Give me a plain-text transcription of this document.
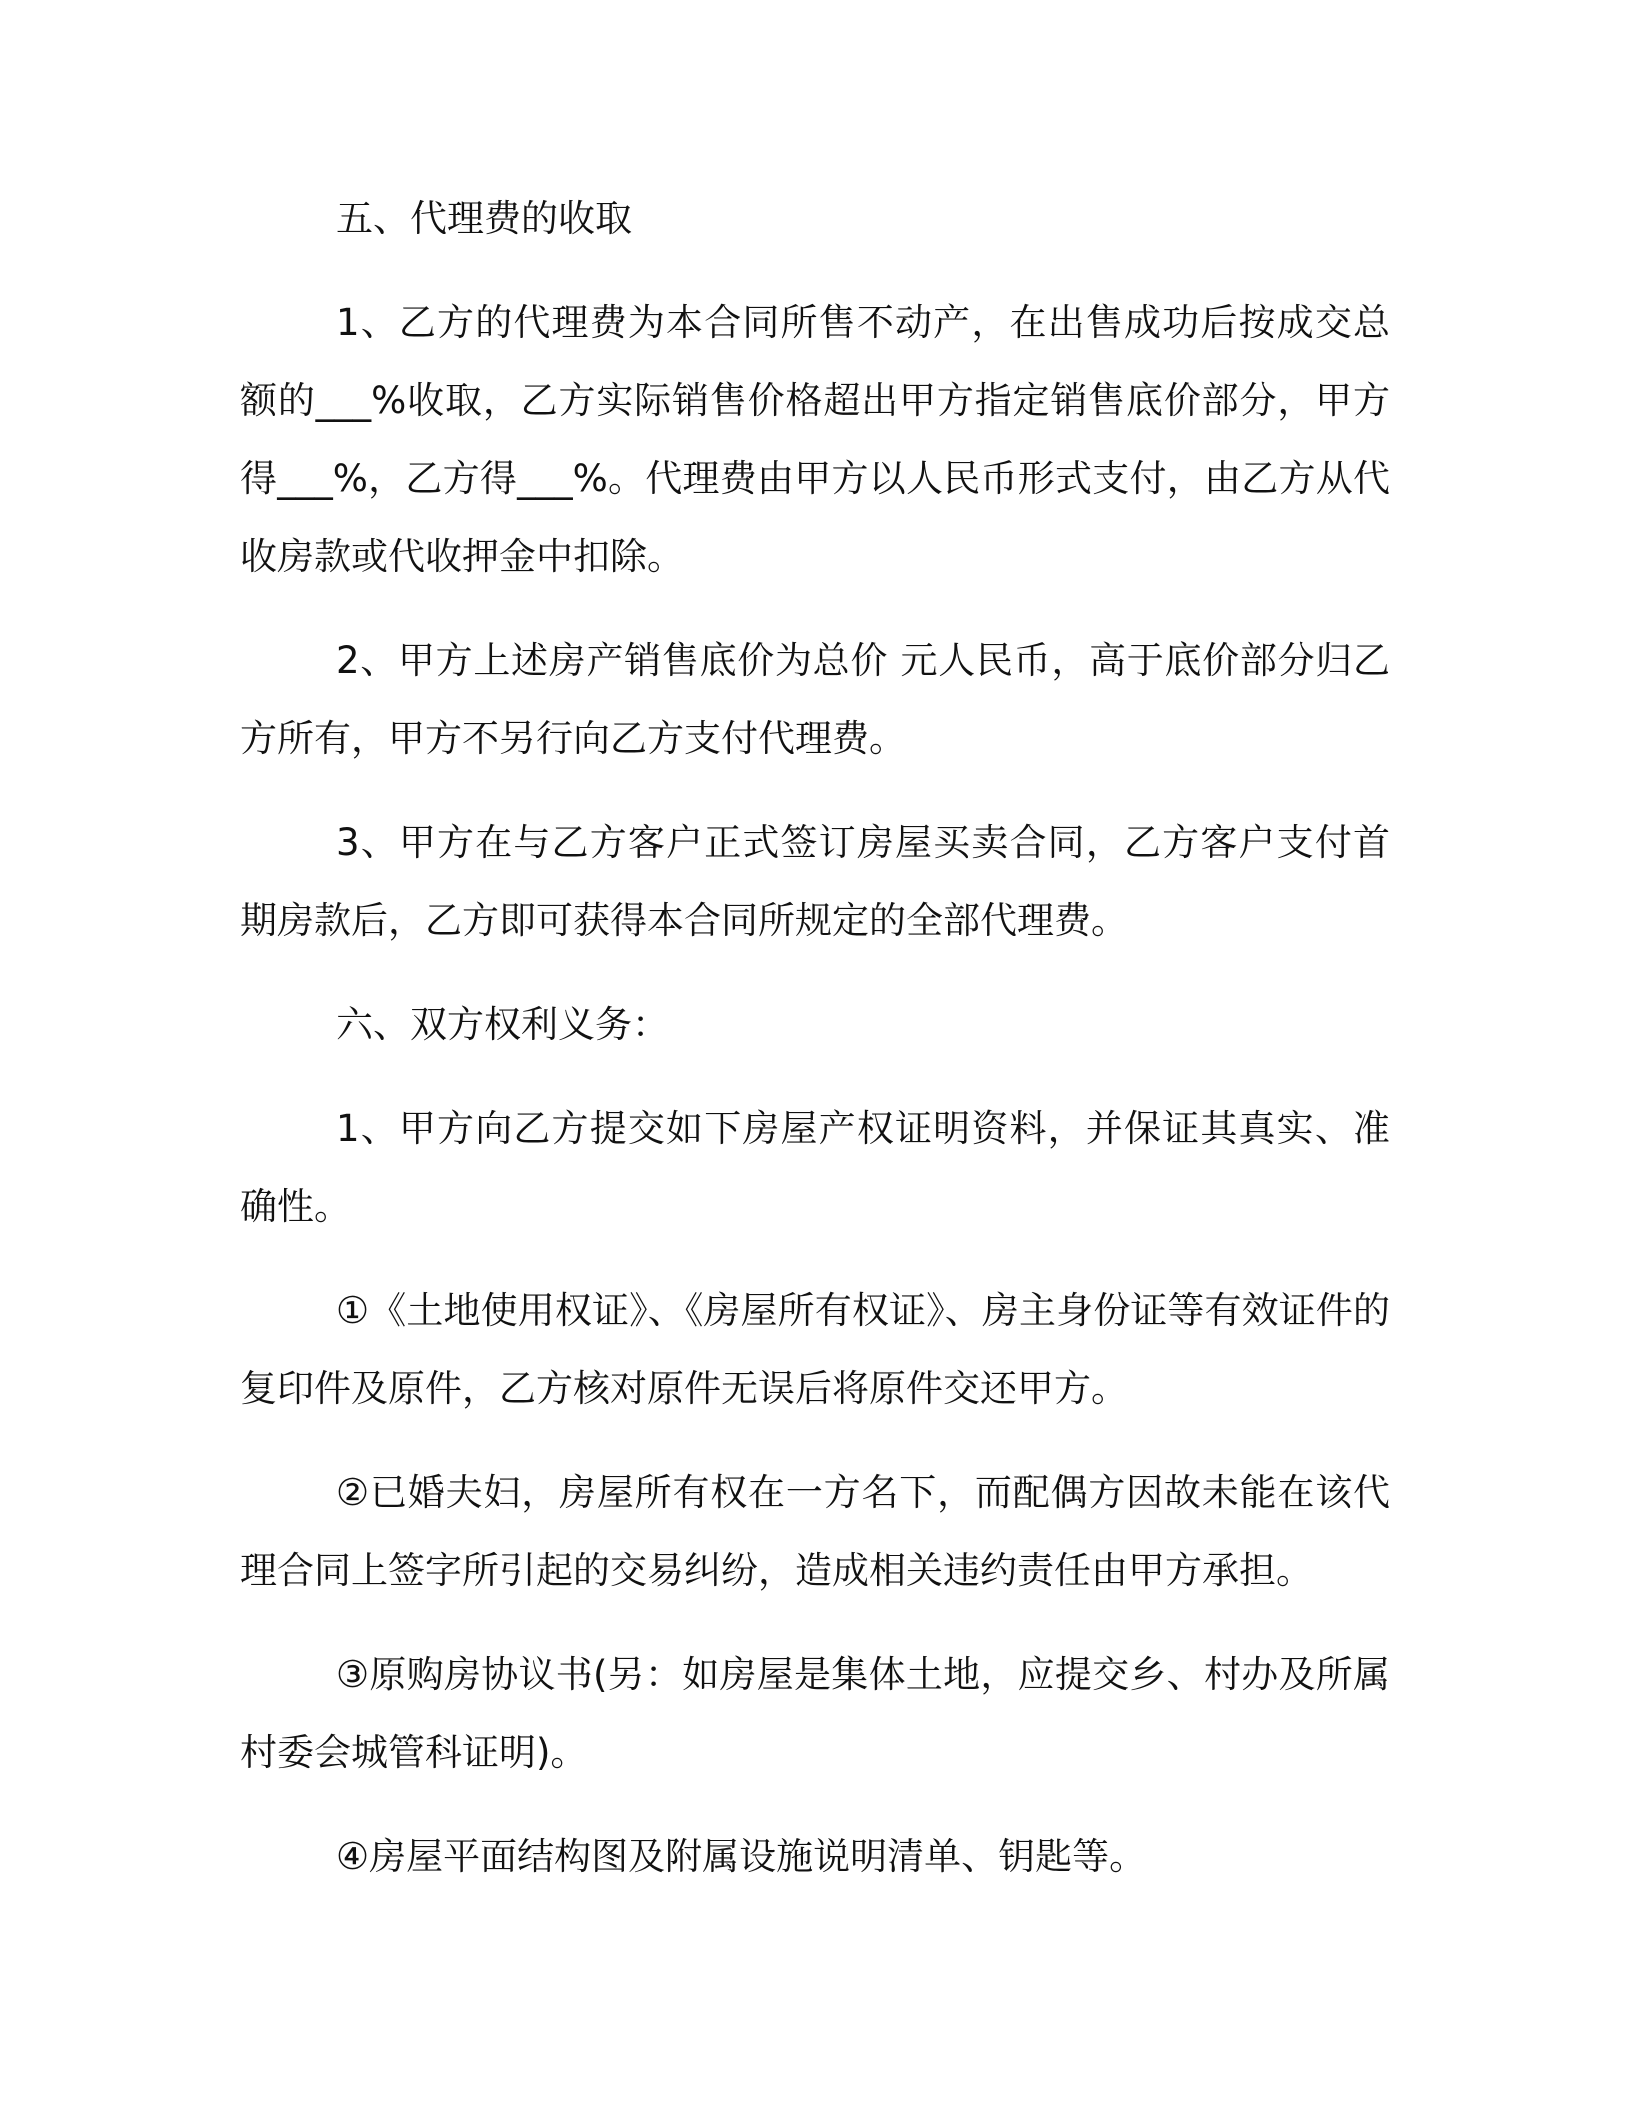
五、代理费的收取

1、乙方的代理费为本合同所售不动产，在出售成功后按成交总额的___%收取，乙方实际销售价格超出甲方指定销售底价部分，甲方得___%，乙方得___%。代理费由甲方以人民币形式支付，由乙方从代收房款或代收押金中扣除。

2、甲方上述房产销售底价为总价 元人民币，高于底价部分归乙方所有，甲方不另行向乙方支付代理费。

3、甲方在与乙方客户正式签订房屋买卖合同，乙方客户支付首期房款后，乙方即可获得本合同所规定的全部代理费。

六、双方权利义务：

1、甲方向乙方提交如下房屋产权证明资料，并保证其真实、准确性。

①《土地使用权证》、《房屋所有权证》、房主身份证等有效证件的复印件及原件，乙方核对原件无误后将原件交还甲方。

②已婚夫妇，房屋所有权在一方名下，而配偶方因故未能在该代理合同上签字所引起的交易纠纷，造成相关违约责任由甲方承担。

③原购房协议书(另：如房屋是集体土地，应提交乡、村办及所属村委会城管科证明)。

④房屋平面结构图及附属设施说明清单、钥匙等。
